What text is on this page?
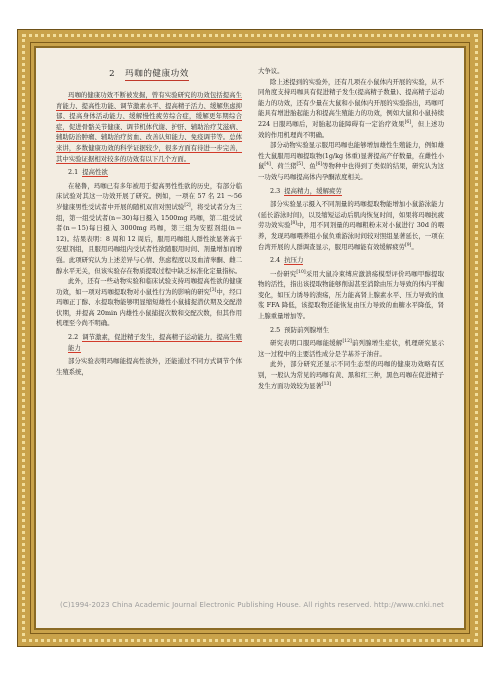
2 玛咖的健康功效

玛咖的健康功效不断被发掘，曾有实验研究的功效包括提高生育能力、提高性功能、调节激素水平、提高精子活力、缓解焦虑抑郁、提高身体活动能力、缓解慢性疲劳综合症，缓解更年期综合症，促进骨骼关节健康、调节机体代谢、护肝、辅助治疗艾滋病、辅助防治肿瘤、辅助治疗贫血、改善认知能力、免疫调节等。总体来讲，多数健康功效的科学证据较少，很多方面有待进一步完善，其中实验证据相对较多的功效有以下几个方面。

2.1 提高性欲

在秘鲁，玛咖已有多年被用于提高男性性欲的历史，有部分临床试验对其这一功效开展了研究。例如，一项在 57 名 21 ～56 岁健康男性受试者中开展的随机双盲对照试验[2]，将受试者分为三组，第一组受试者(n＝30)每日摄入 1500mg 玛咖，第二组受试者(n＝15)每日摄入 3000mg 玛咖，第三组为安慰剂组(n＝12)。结果表明：8 周和 12 周后，服用玛咖组人群性欲显著高于安慰剂组，且服用玛咖组内受试者性欲随服用时间、剂量增加而增强。此项研究认为上述差异与心情、焦虑程度以及血清睾酮、雌二醇水平无关，但该实验存在物质提取过程中缺乏标准化定量指标。

此外，还有一些动物实验和临床试验支持玛咖提高性欲的健康功效，如一项对玛咖提取物对小鼠性行为的影响的研究[3]中，经口玛咖正丁醇、水提取物能够明显缩短雄性小鼠捕捉潜伏期及交配潜伏期，并提高 20min 内雄性小鼠捕捉次数和交配次数，但其作用机理至今尚不明确。

2.2 调节激素，促进精子发生，提高精子运动能力，提高生殖能力

部分实验表明玛咖能提高性欲外，还能通过不同方式调节个体生殖系统，

大争议。

除上述提到的实验外，还有几项在小鼠体内开展的实验，从不同角度支持玛咖具有促进精子发生(提高精子数量)、提高精子运动能力的功效，还有少量在大鼠和小鼠体内开展的实验指出，玛咖可能具有增进胎起能力和提高生殖能力的功效，例如大鼠和小鼠持续 224 日服玛咖后，对胎起功能障碍有一定治疗效果[6]，但上述功效的作用机理尚不明确。

部分动物实验显示服用玛咖也能够增加雄性生殖能力，例如雄性大鼠服用玛咖提取物(1g/kg 体重)显著提高产仔数量，在雌性小鼠[4]、荷兰猪[5]、鱼[6]等物种中也得到了类似的结果，研究认为这一功效与玛咖提高体内孕酮浓度相关。

2.3 提高精力，缓解疲劳

部分实验显示摄入不同剂量的玛咖提取物能增加小鼠游泳能力(延长游泳时间)，以及缩短运动后肌肉恢复时间，如果将玛咖抗疲劳功效实验[8]中，用不同剂量的玛咖粗粉末对小鼠进行 30d 的喂养，发现玛咖喂养组小鼠负重游泳时间较对照组显著延长，一项在台湾开展的人群调查显示，服用玛咖能有效缓解疲劳[9]。

2.4 抗压力

一份研究[10]采用大鼠冷束缚应激溃疡模型评价玛咖甲醇提取物的活性，指出该提取物能够削弱甚至消除由压力导致的体内平衡变化，如压力诱导的溃疡，压力能高肾上腺素水平、压力导致的血浆 FFA 降低，该提取物还能恢复由压力导致的血糖水平降低，肾上腺重量增加等。

2.5 预防前列腺增生

研究表明口服玛咖能缓解[12]前列腺增生症状，机理研究显示这一过程中的主要活性成分是芋基芥子油苷。

此外，部分研究还显示不同生态型的玛咖的健康功效略有区别，一般认为常见的玛咖有黄、黑和红三种，黑色玛咖在促进精子发生方面功效较为显著[13]

(C)1994-2023 China Academic Journal Electronic Publishing House. All rights reserved. http://www.cnki.net
